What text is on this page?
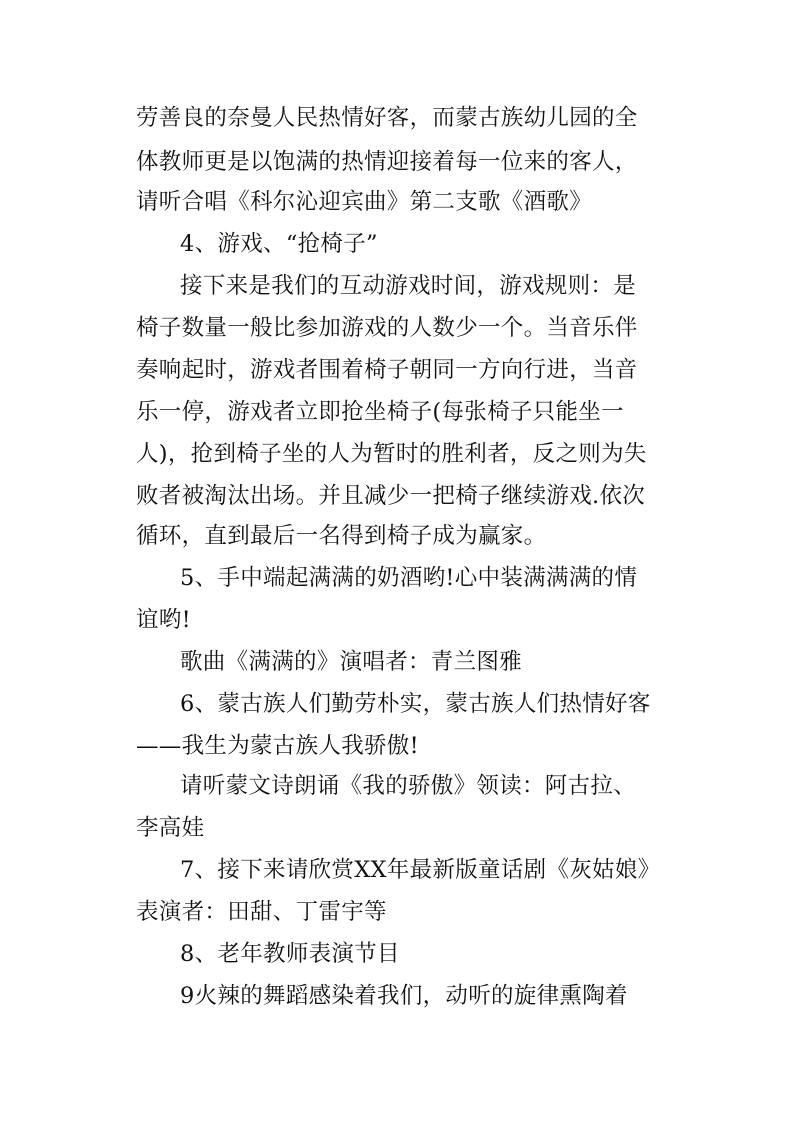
劳善良的奈曼人民热情好客，而蒙古族幼儿园的全
体教师更是以饱满的热情迎接着每一位来的客人，
请听合唱《科尔沁迎宾曲》第二支歌《酒歌》
4、游戏、“抢椅子”
接下来是我们的互动游戏时间，游戏规则：是
椅子数量一般比参加游戏的人数少一个。当音乐伴
奏响起时，游戏者围着椅子朝同一方向行进，当音
乐一停，游戏者立即抢坐椅子(每张椅子只能坐一
人)，抢到椅子坐的人为暂时的胜利者，反之则为失
败者被淘汰出场。并且减少一把椅子继续游戏.依次
循环，直到最后一名得到椅子成为赢家。
5、手中端起满满的奶酒哟!心中装满满满的情
谊哟!
歌曲《满满的》演唱者：青兰图雅
6、蒙古族人们勤劳朴实，蒙古族人们热情好客
——我生为蒙古族人我骄傲!
请听蒙文诗朗诵《我的骄傲》领读：阿古拉、
李高娃
7、接下来请欣赏XX年最新版童话剧《灰姑娘》
表演者：田甜、丁雷宇等
8、老年教师表演节目
9火辣的舞蹈感染着我们，动听的旋律熏陶着
